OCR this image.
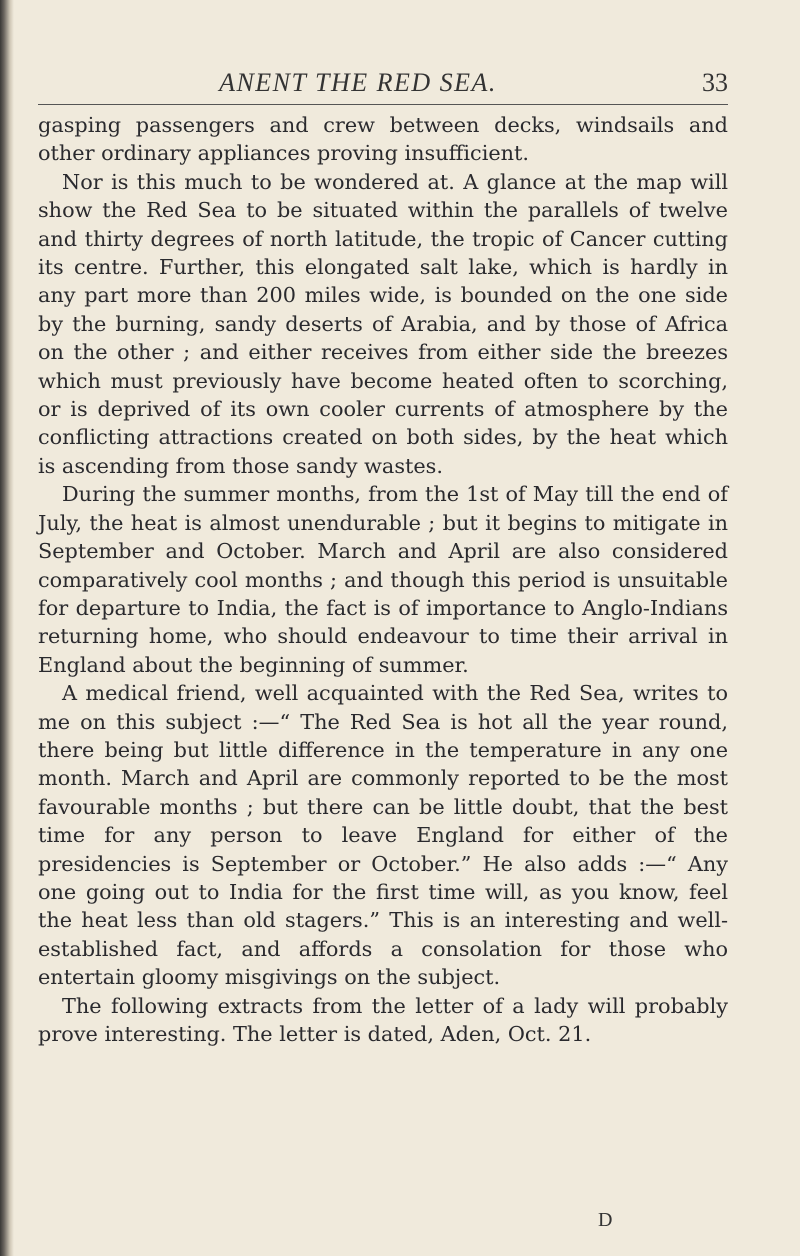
ANENT THE RED SEA.	33

gasping passengers and crew between decks, windsails and other ordinary appliances proving insufficient.

Nor is this much to be wondered at. A glance at the map will show the Red Sea to be situated within the parallels of twelve and thirty degrees of north latitude, the tropic of Cancer cutting its centre. Further, this elongated salt lake, which is hardly in any part more than 200 miles wide, is bounded on the one side by the burning, sandy deserts of Arabia, and by those of Africa on the other ; and either receives from either side the breezes which must previously have become heated often to scorching, or is deprived of its own cooler currents of atmosphere by the conflicting attractions created on both sides, by the heat which is ascending from those sandy wastes.

During the summer months, from the 1st of May till the end of July, the heat is almost unendurable ; but it begins to mitigate in September and October. March and April are also considered comparatively cool months ; and though this period is unsuitable for departure to India, the fact is of importance to Anglo-Indians returning home, who should endeavour to time their arrival in England about the beginning of summer.

A medical friend, well acquainted with the Red Sea, writes to me on this subject :—“ The Red Sea is hot all the year round, there being but little difference in the temperature in any one month. March and April are commonly reported to be the most favourable months ; but there can be little doubt, that the best time for any person to leave England for either of the presidencies is September or October.” He also adds :—“ Any one going out to India for the first time will, as you know, feel the heat less than old stagers.” This is an interesting and well-established fact, and affords a consolation for those who entertain gloomy misgivings on the subject.

The following extracts from the letter of a lady will probably prove interesting. The letter is dated, Aden, Oct. 21.

D
